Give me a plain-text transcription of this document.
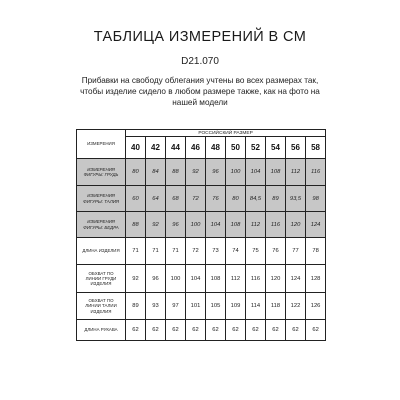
ТАБЛИЦА ИЗМЕРЕНИЙ В СМ
D21.070
Прибавки на свободу облегания учтены во всех размерах так,
чтобы изделие сидело в любом размере также, как на фото на
нашей модели
ИЗМЕРЕНИЯ	РОССИЙСКИЙ РАЗМЕР									
	40	42	44	46	48	50	52	54	56	58

ИЗМЕРЕНИЯ
ФИГУРЫ: ГРУДЬ	80	84	88	92	96	100	104	108	112	116

ИЗМЕРЕНИЯ
ФИГУРЫ: ТАЛИЯ	60	64	68	72	76	80	84,5	89	93,5	98

ИЗМЕРЕНИЯ
ФИГУРЫ: БЕДРА	88	92	96	100	104	108	112	116	120	124

ДЛИНА ИЗДЕЛИЯ	71	71	71	72	73	74	75	76	77	78

ОБХВАТ ПО
ЛИНИИ ГРУДИ
ИЗДЕЛИЯ	92	96	100	104	108	112	116	120	124	128

ОБХВАТ ПО
ЛИНИИ ТАЛИИ
ИЗДЕЛИЯ	89	93	97	101	105	109	114	118	122	126

ДЛИНА РУКАВА	62	62	62	62	62	62	62	62	62	62
